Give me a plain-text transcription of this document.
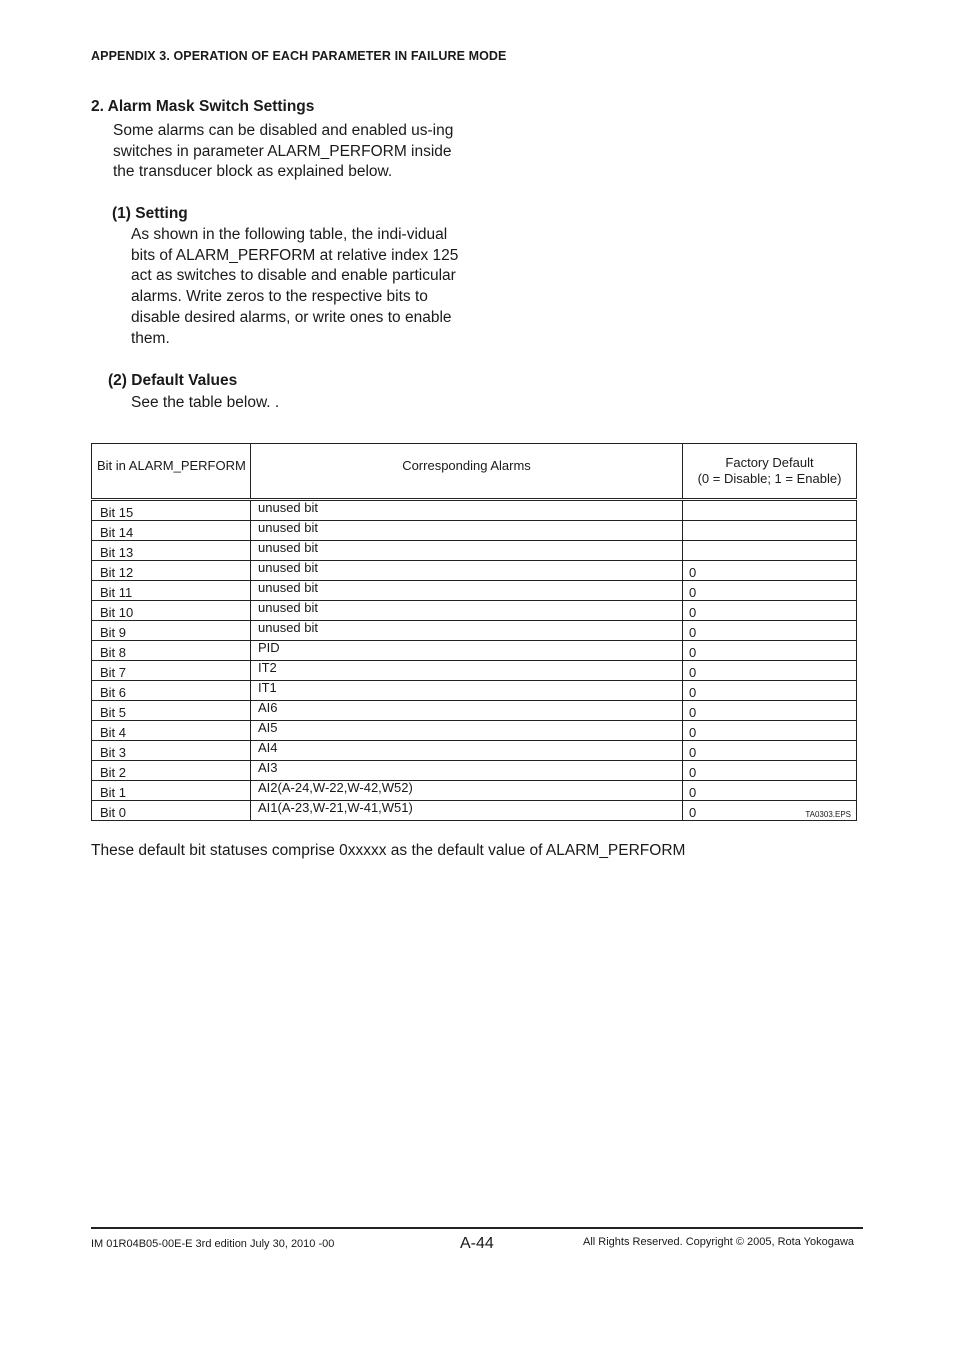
APPENDIX 3. OPERATION OF EACH PARAMETER IN FAILURE MODE
2. Alarm Mask Switch Settings
Some alarms can be disabled and enabled us-ing switches in parameter ALARM_PERFORM inside the transducer block as explained below.
(1) Setting
As shown in the following table, the indi-vidual bits of ALARM_PERFORM at relative index 125 act as switches to disable and enable particular alarms. Write zeros to the respective bits to disable desired alarms, or write ones to enable them.
(2) Default Values
See the table below. .
Bit in ALARM_PERFORM	Corresponding Alarms	Factory Default
(0 = Disable; 1 = Enable)

Bit 15	unused bit	
Bit 14	unused bit	
Bit 13	unused bit	
Bit 12	unused bit	0
Bit 11	unused bit	0
Bit 10	unused bit	0
Bit 9	unused bit	0
Bit 8	PID	0
Bit 7	IT2	0
Bit 6	IT1	0
Bit 5	AI6	0
Bit 4	AI5	0
Bit 3	AI4	0
Bit 2	AI3	0
Bit 1	AI2(A-24,W-22,W-42,W52)	0
Bit 0	AI1(A-23,W-21,W-41,W51)	0	TA0303.EPS
These default bit statuses comprise 0xxxxx as the default value of ALARM_PERFORM
IM 01R04B05-00E-E 3rd edition July 30, 2010 -00	A-44	All Rights Reserved. Copyright © 2005, Rota Yokogawa
